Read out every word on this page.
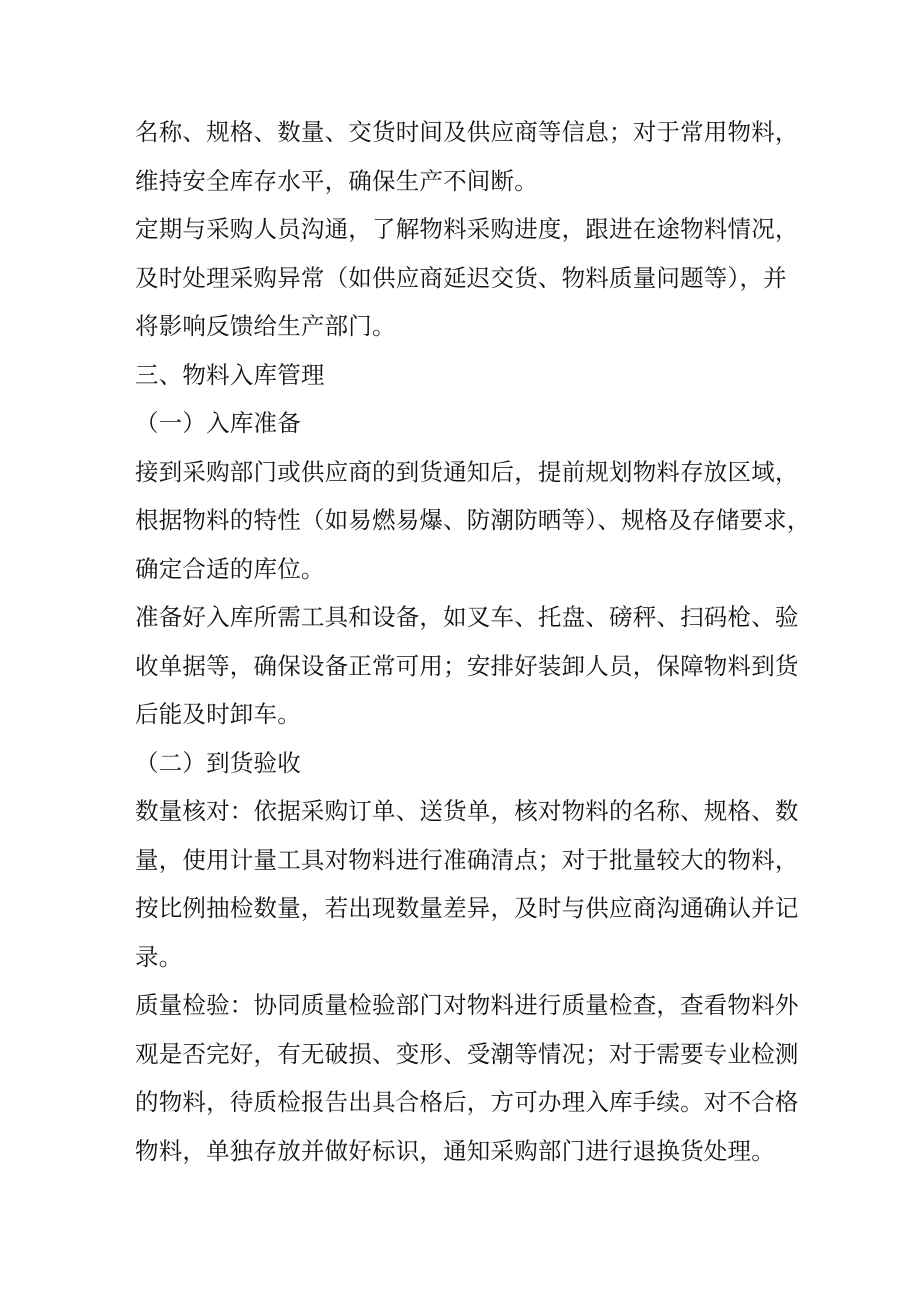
名称、规格、数量、交货时间及供应商等信息；对于常用物料，

维持安全库存水平，确保生产不间断。

定期与采购人员沟通，了解物料采购进度，跟进在途物料情况，

及时处理采购异常（如供应商延迟交货、物料质量问题等），并

将影响反馈给生产部门。

三、物料入库管理

（一）入库准备

接到采购部门或供应商的到货通知后，提前规划物料存放区域，

根据物料的特性（如易燃易爆、防潮防晒等）、规格及存储要求，

确定合适的库位。

准备好入库所需工具和设备，如叉车、托盘、磅秤、扫码枪、验

收单据等，确保设备正常可用；安排好装卸人员，保障物料到货

后能及时卸车。

（二）到货验收

数量核对：依据采购订单、送货单，核对物料的名称、规格、数

量，使用计量工具对物料进行准确清点；对于批量较大的物料，

按比例抽检数量，若出现数量差异，及时与供应商沟通确认并记

录。

质量检验：协同质量检验部门对物料进行质量检查，查看物料外

观是否完好，有无破损、变形、受潮等情况；对于需要专业检测

的物料，待质检报告出具合格后，方可办理入库手续。对不合格

物料，单独存放并做好标识，通知采购部门进行退换货处理。
